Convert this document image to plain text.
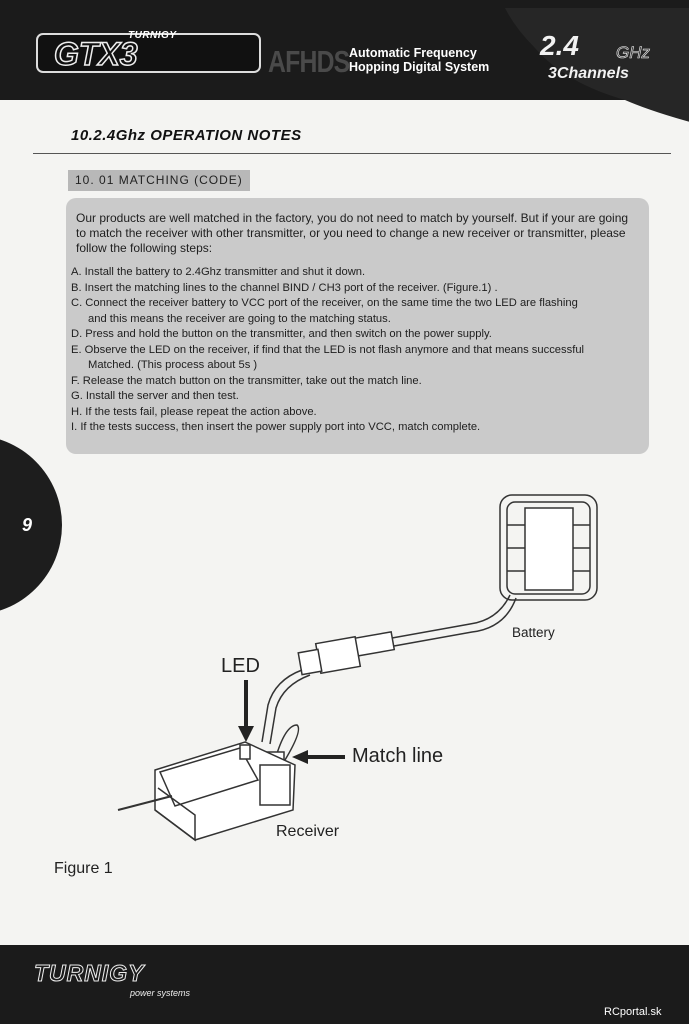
GTX3
TURNIGY
AFHDS Automatic Frequency
Hopping Digital System
2.4 GHz
3Channels
10.2.4Ghz OPERATION NOTES
10. 01 MATCHING (CODE)
Our products are well matched in the factory, you do not need to match by yourself. But if your are going to match the receiver with other transmitter, or you need to change a new receiver or transmitter, please follow the following steps:
A. Install the battery to 2.4Ghz transmitter and shut it down.
B. Insert the matching lines to the channel BIND / CH3 port of the receiver. (Figure.1) .
C. Connect the receiver battery to VCC port of the receiver, on the same time the two LED are flashing
and this means the receiver are going to the matching status.
D. Press and hold the button on the transmitter, and then switch on the power supply.
E. Observe the LED on the receiver, if find that the LED is not flash anymore and that means successful
Matched. (This process about 5s )
F. Release the match button on the transmitter, take out the match line.
G. Install the server and then test.
H. If the tests fail, please repeat the action above.
I. If the tests success, then insert the power supply port into VCC, match complete.
9
Battery
LED
Match line
Receiver
Figure 1
TURNIGY
power systems
RCportal.sk
